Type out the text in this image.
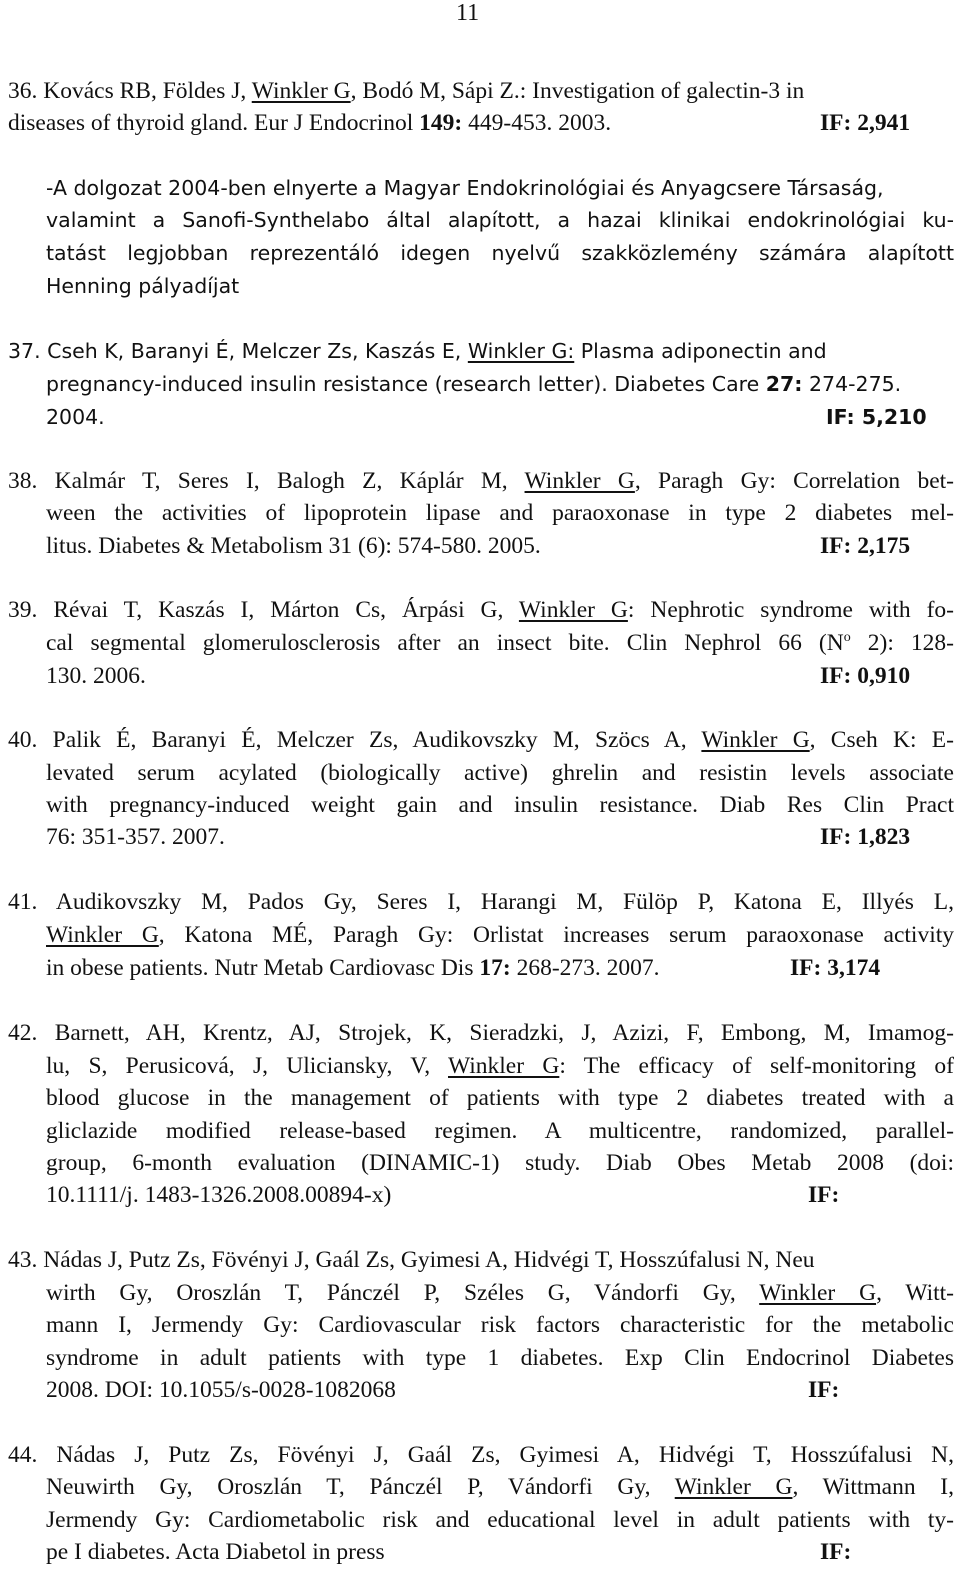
11
36. Kovács RB, Földes J, Winkler G, Bodó M, Sápi Z.: Investigation of galectin-3 in
diseases of thyroid gland. Eur J Endocrinol 149: 449-453. 2003.	IF: 2,941
-A dolgozat 2004-ben elnyerte a Magyar Endokrinológiai és Anyagcsere Társaság,
valamint a Sanofi-Synthelabo által alapított, a hazai klinikai endokrinológiai ku-
tatást legjobban reprezentáló idegen nyelvű szakközlemény számára alapított
Henning pályadíjat
37. Cseh K, Baranyi É, Melczer Zs, Kaszás E, Winkler G: Plasma adiponectin and
pregnancy-induced insulin resistance (research letter). Diabetes Care 27: 274-275.
2004.	IF: 5,210
38. Kalmár T, Seres I, Balogh Z, Káplár M, Winkler G, Paragh Gy: Correlation bet-
ween the activities of lipoprotein lipase and paraoxonase in type 2 diabetes mel-
litus. Diabetes & Metabolism 31 (6): 574-580. 2005.	IF: 2,175
39. Révai T, Kaszás I, Márton Cs, Árpási G, Winkler G: Nephrotic syndrome with fo-
cal segmental glomerulosclerosis after an insect bite. Clin Nephrol 66 ($N^o$ 2): 128-
130. 2006.	IF: 0,910
40. Palik É, Baranyi É, Melczer Zs, Audikovszky M, Szöcs A, Winkler G, Cseh K: E-
levated serum acylated (biologically active) ghrelin and resistin levels associate
with pregnancy-induced weight gain and insulin resistance. Diab Res Clin Pract
76: 351-357. 2007.	IF: 1,823
41. Audikovszky M, Pados Gy, Seres I, Harangi M, Fülöp P, Katona E, Illyés L,
Winkler G, Katona MÉ, Paragh Gy: Orlistat increases serum paraoxonase activity
in obese patients. Nutr Metab Cardiovasc Dis 17: 268-273. 2007.	IF: 3,174
42. Barnett, AH, Krentz, AJ, Strojek, K, Sieradzki, J, Azizi, F, Embong, M, Imamog-
lu, S, Perusicová, J, Uliciansky, V, Winkler G: The efficacy of self-monitoring of
blood glucose in the management of patients with type 2 diabetes treated with a
gliclazide modified release-based regimen. A multicentre, randomized, parallel-
group, 6-month evaluation (DINAMIC-1) study. Diab Obes Metab 2008 (doi:
10.1111/j. 1483-1326.2008.00894-x)	IF:
43. Nádas J, Putz Zs, Fövényi J, Gaál Zs, Gyimesi A, Hidvégi T, Hosszúfalusi N, Neu
wirth Gy, Oroszlán T, Pánczél P, Széles G, Vándorfi Gy, Winkler G, Witt-
mann I, Jermendy Gy: Cardiovascular risk factors characteristic for the metabolic
syndrome in adult patients with type 1 diabetes. Exp Clin Endocrinol Diabetes
2008. DOI: 10.1055/s-0028-1082068	IF:
44. Nádas J, Putz Zs, Fövényi J, Gaál Zs, Gyimesi A, Hidvégi T, Hosszúfalusi N,
Neuwirth Gy, Oroszlán T, Pánczél P, Vándorfi Gy, Winkler G, Wittmann I,
Jermendy Gy: Cardiometabolic risk and educational level in adult patients with ty-
pe I diabetes. Acta Diabetol in press	IF:
